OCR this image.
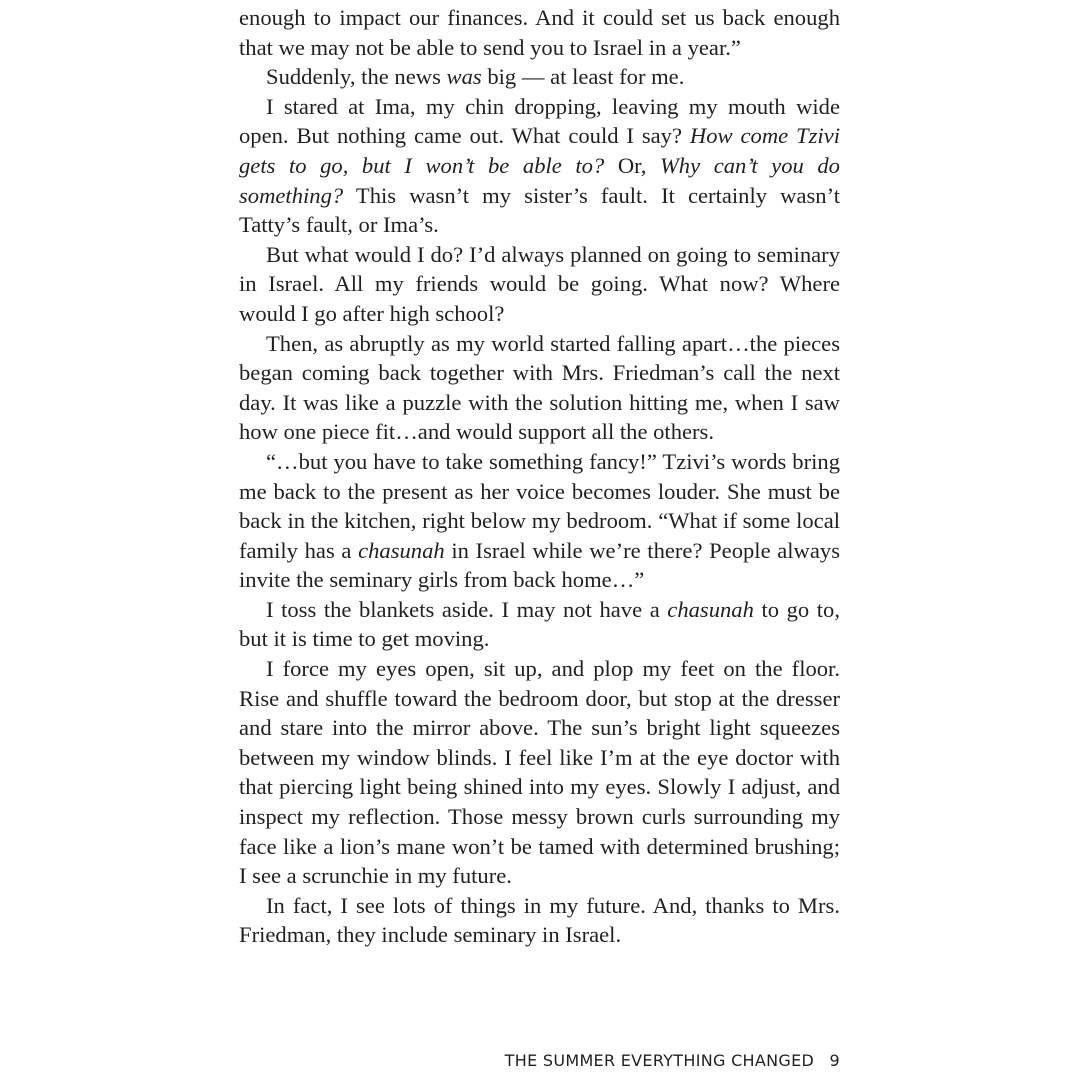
enough to impact our finances. And it could set us back enough that we may not be able to send you to Israel in a year.”

Suddenly, the news was big — at least for me.

I stared at Ima, my chin dropping, leaving my mouth wide open. But nothing came out. What could I say? How come Tzivi gets to go, but I won’t be able to? Or, Why can’t you do something? This wasn’t my sister’s fault. It certainly wasn’t Tatty’s fault, or Ima’s.

But what would I do? I’d always planned on going to seminary in Israel. All my friends would be going. What now? Where would I go after high school?

Then, as abruptly as my world started falling apart…the pieces began coming back together with Mrs. Friedman’s call the next day. It was like a puzzle with the solution hitting me, when I saw how one piece fit…and would support all the others.

“…but you have to take something fancy!” Tzivi’s words bring me back to the present as her voice becomes louder. She must be back in the kitchen, right below my bedroom. “What if some local family has a chasunah in Israel while we’re there? People always invite the seminary girls from back home…”

I toss the blankets aside. I may not have a chasunah to go to, but it is time to get moving.

I force my eyes open, sit up, and plop my feet on the floor. Rise and shuffle toward the bedroom door, but stop at the dresser and stare into the mirror above. The sun’s bright light squeezes between my window blinds. I feel like I’m at the eye doctor with that piercing light being shined into my eyes. Slowly I adjust, and inspect my reflection. Those messy brown curls surrounding my face like a lion’s mane won’t be tamed with determined brushing; I see a scrunchie in my future.

In fact, I see lots of things in my future. And, thanks to Mrs. Friedman, they include seminary in Israel.

THE SUMMER EVERYTHING CHANGED 9
